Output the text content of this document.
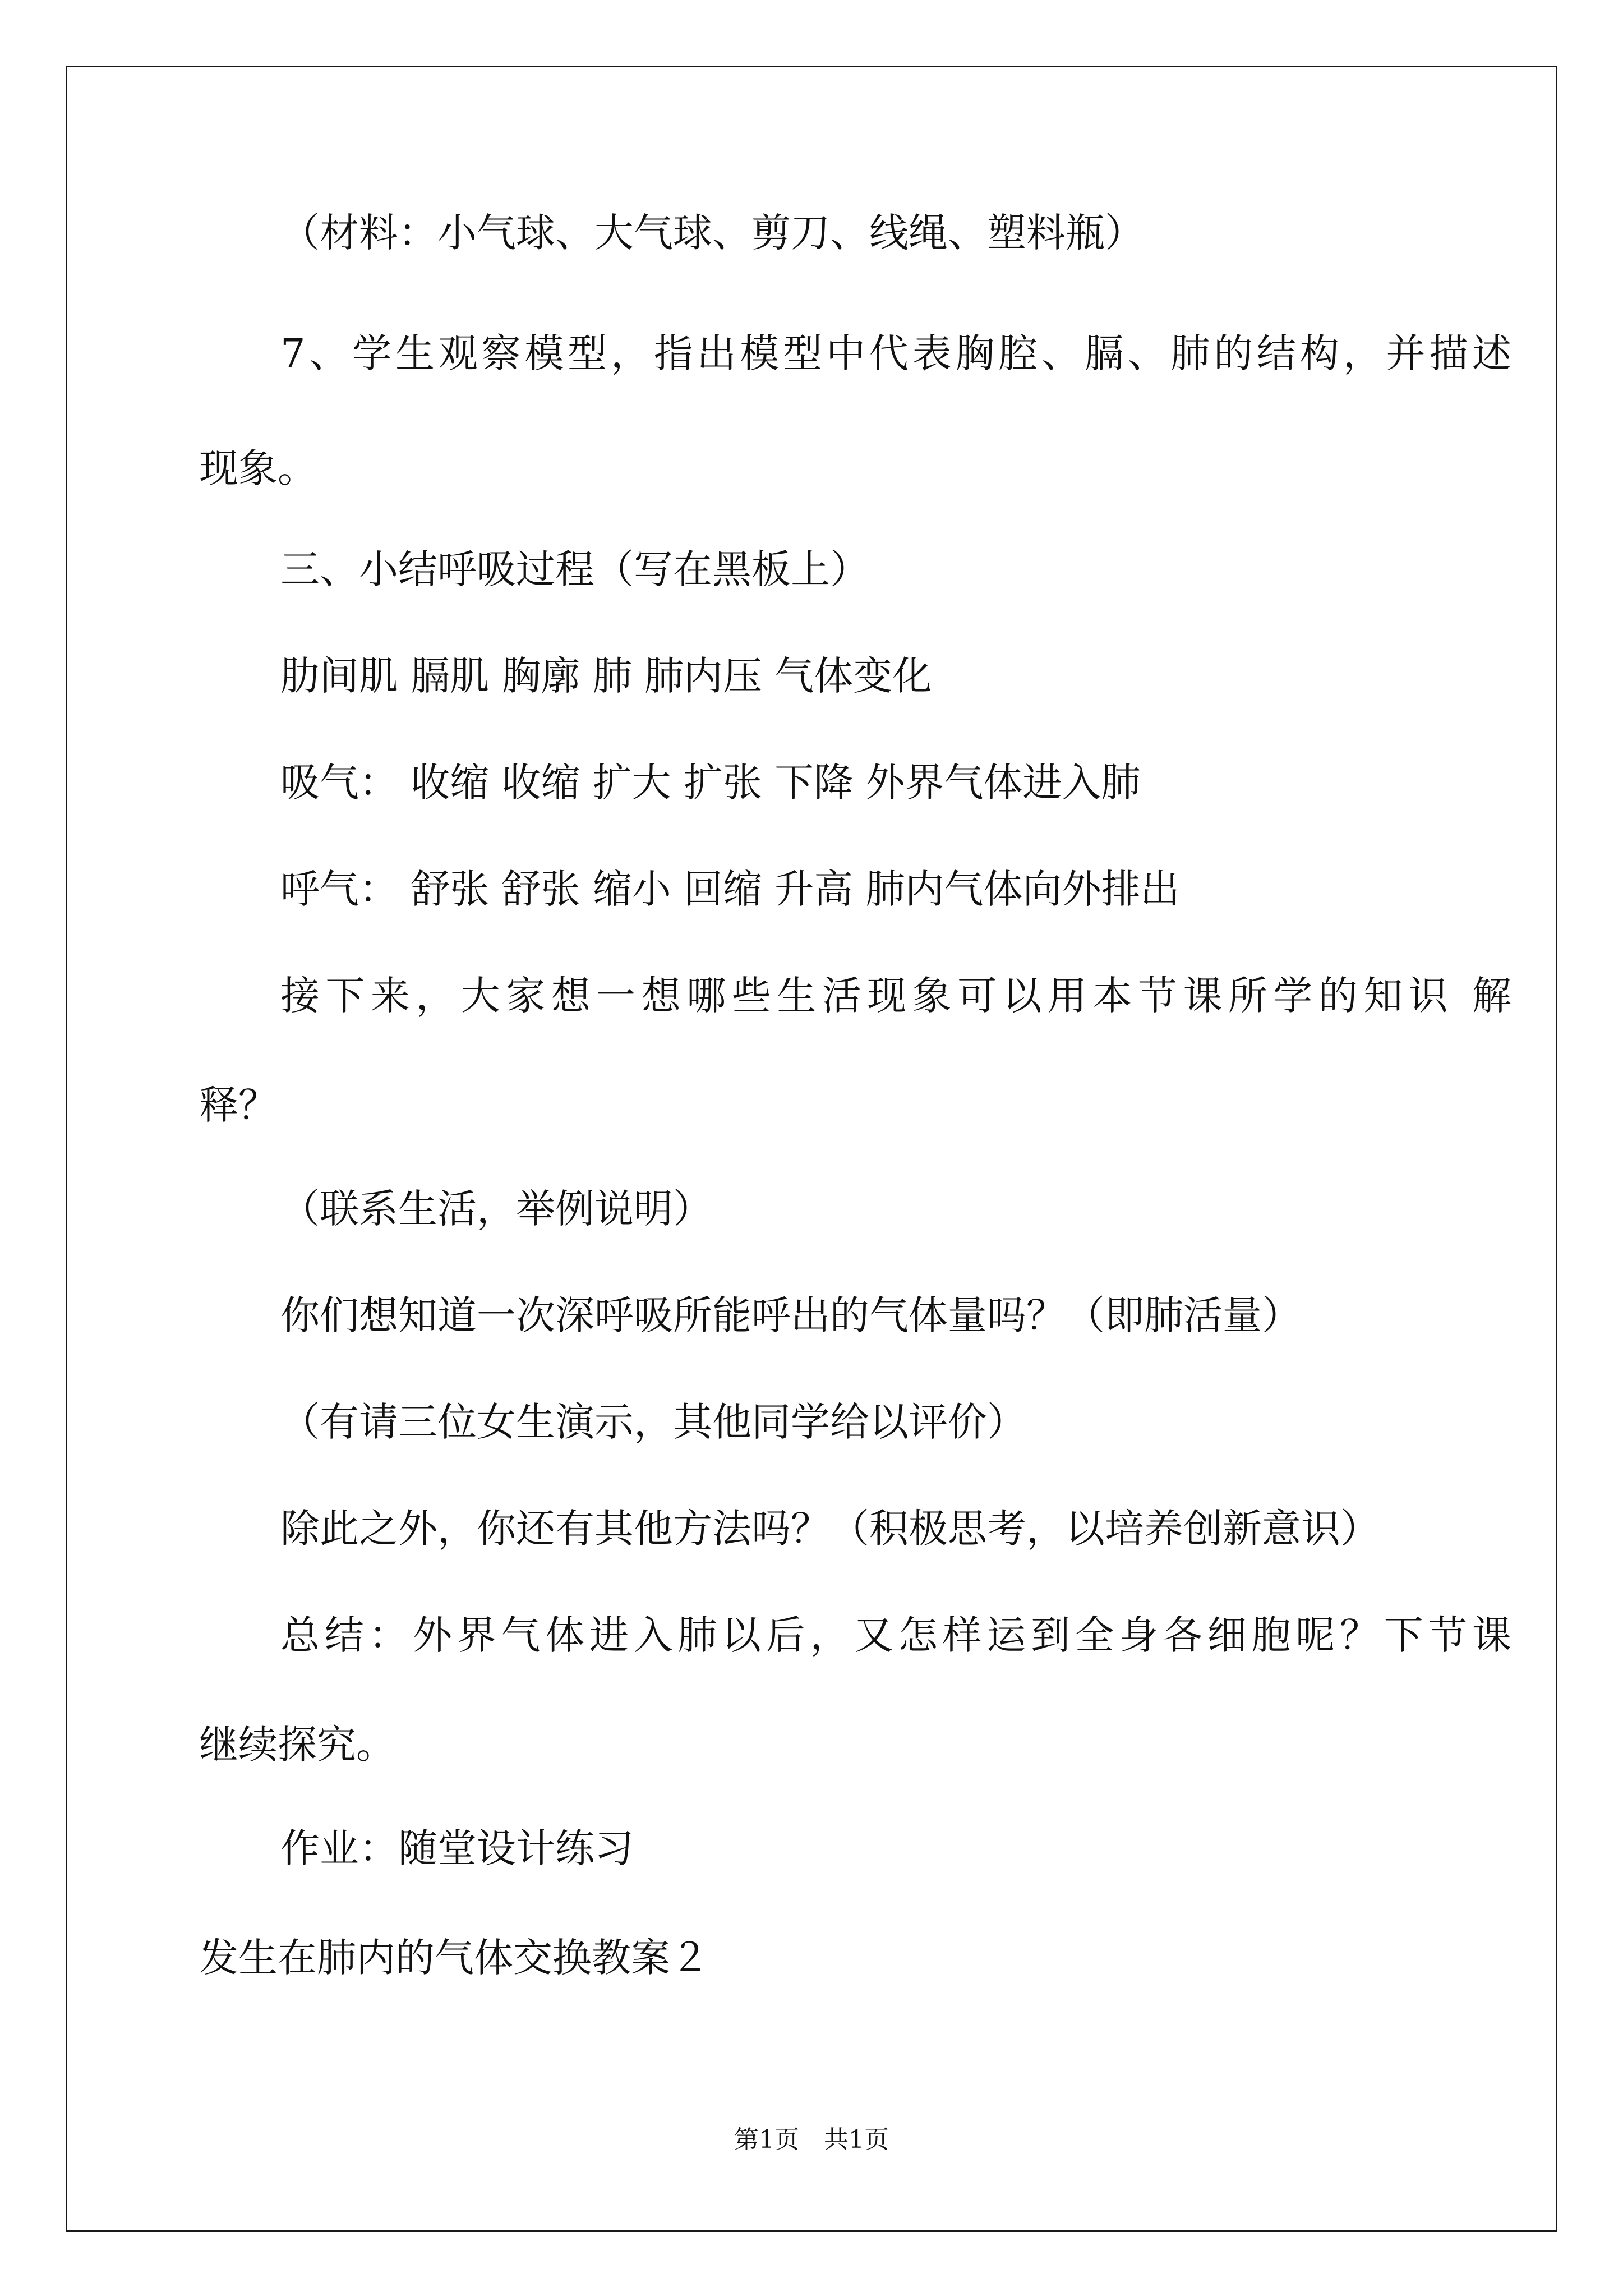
（材料：小气球、大气球、剪刀、线绳、塑料瓶）
7、学生观察模型，指出模型中代表胸腔、膈、肺的结构，并描述
现象。
三、小结呼吸过程（写在黑板上）
肋间肌 膈肌 胸廓 肺 肺内压 气体变化
吸气： 收缩 收缩 扩大 扩张 下降 外界气体进入肺
呼气： 舒张 舒张 缩小 回缩 升高 肺内气体向外排出
接下来，大家想一想哪些生活现象可以用本节课所学的知识 解
释？
（联系生活，举例说明）
你们想知道一次深呼吸所能呼出的气体量吗？（即肺活量）
（有请三位女生演示，其他同学给以评价）
除此之外，你还有其他方法吗？（积极思考，以培养创新意识）
总结：外界气体进入肺以后，又怎样运到全身各细胞呢？下节课
继续探究。
作业：随堂设计练习
发生在肺内的气体交换教案２
第1页　共1页
